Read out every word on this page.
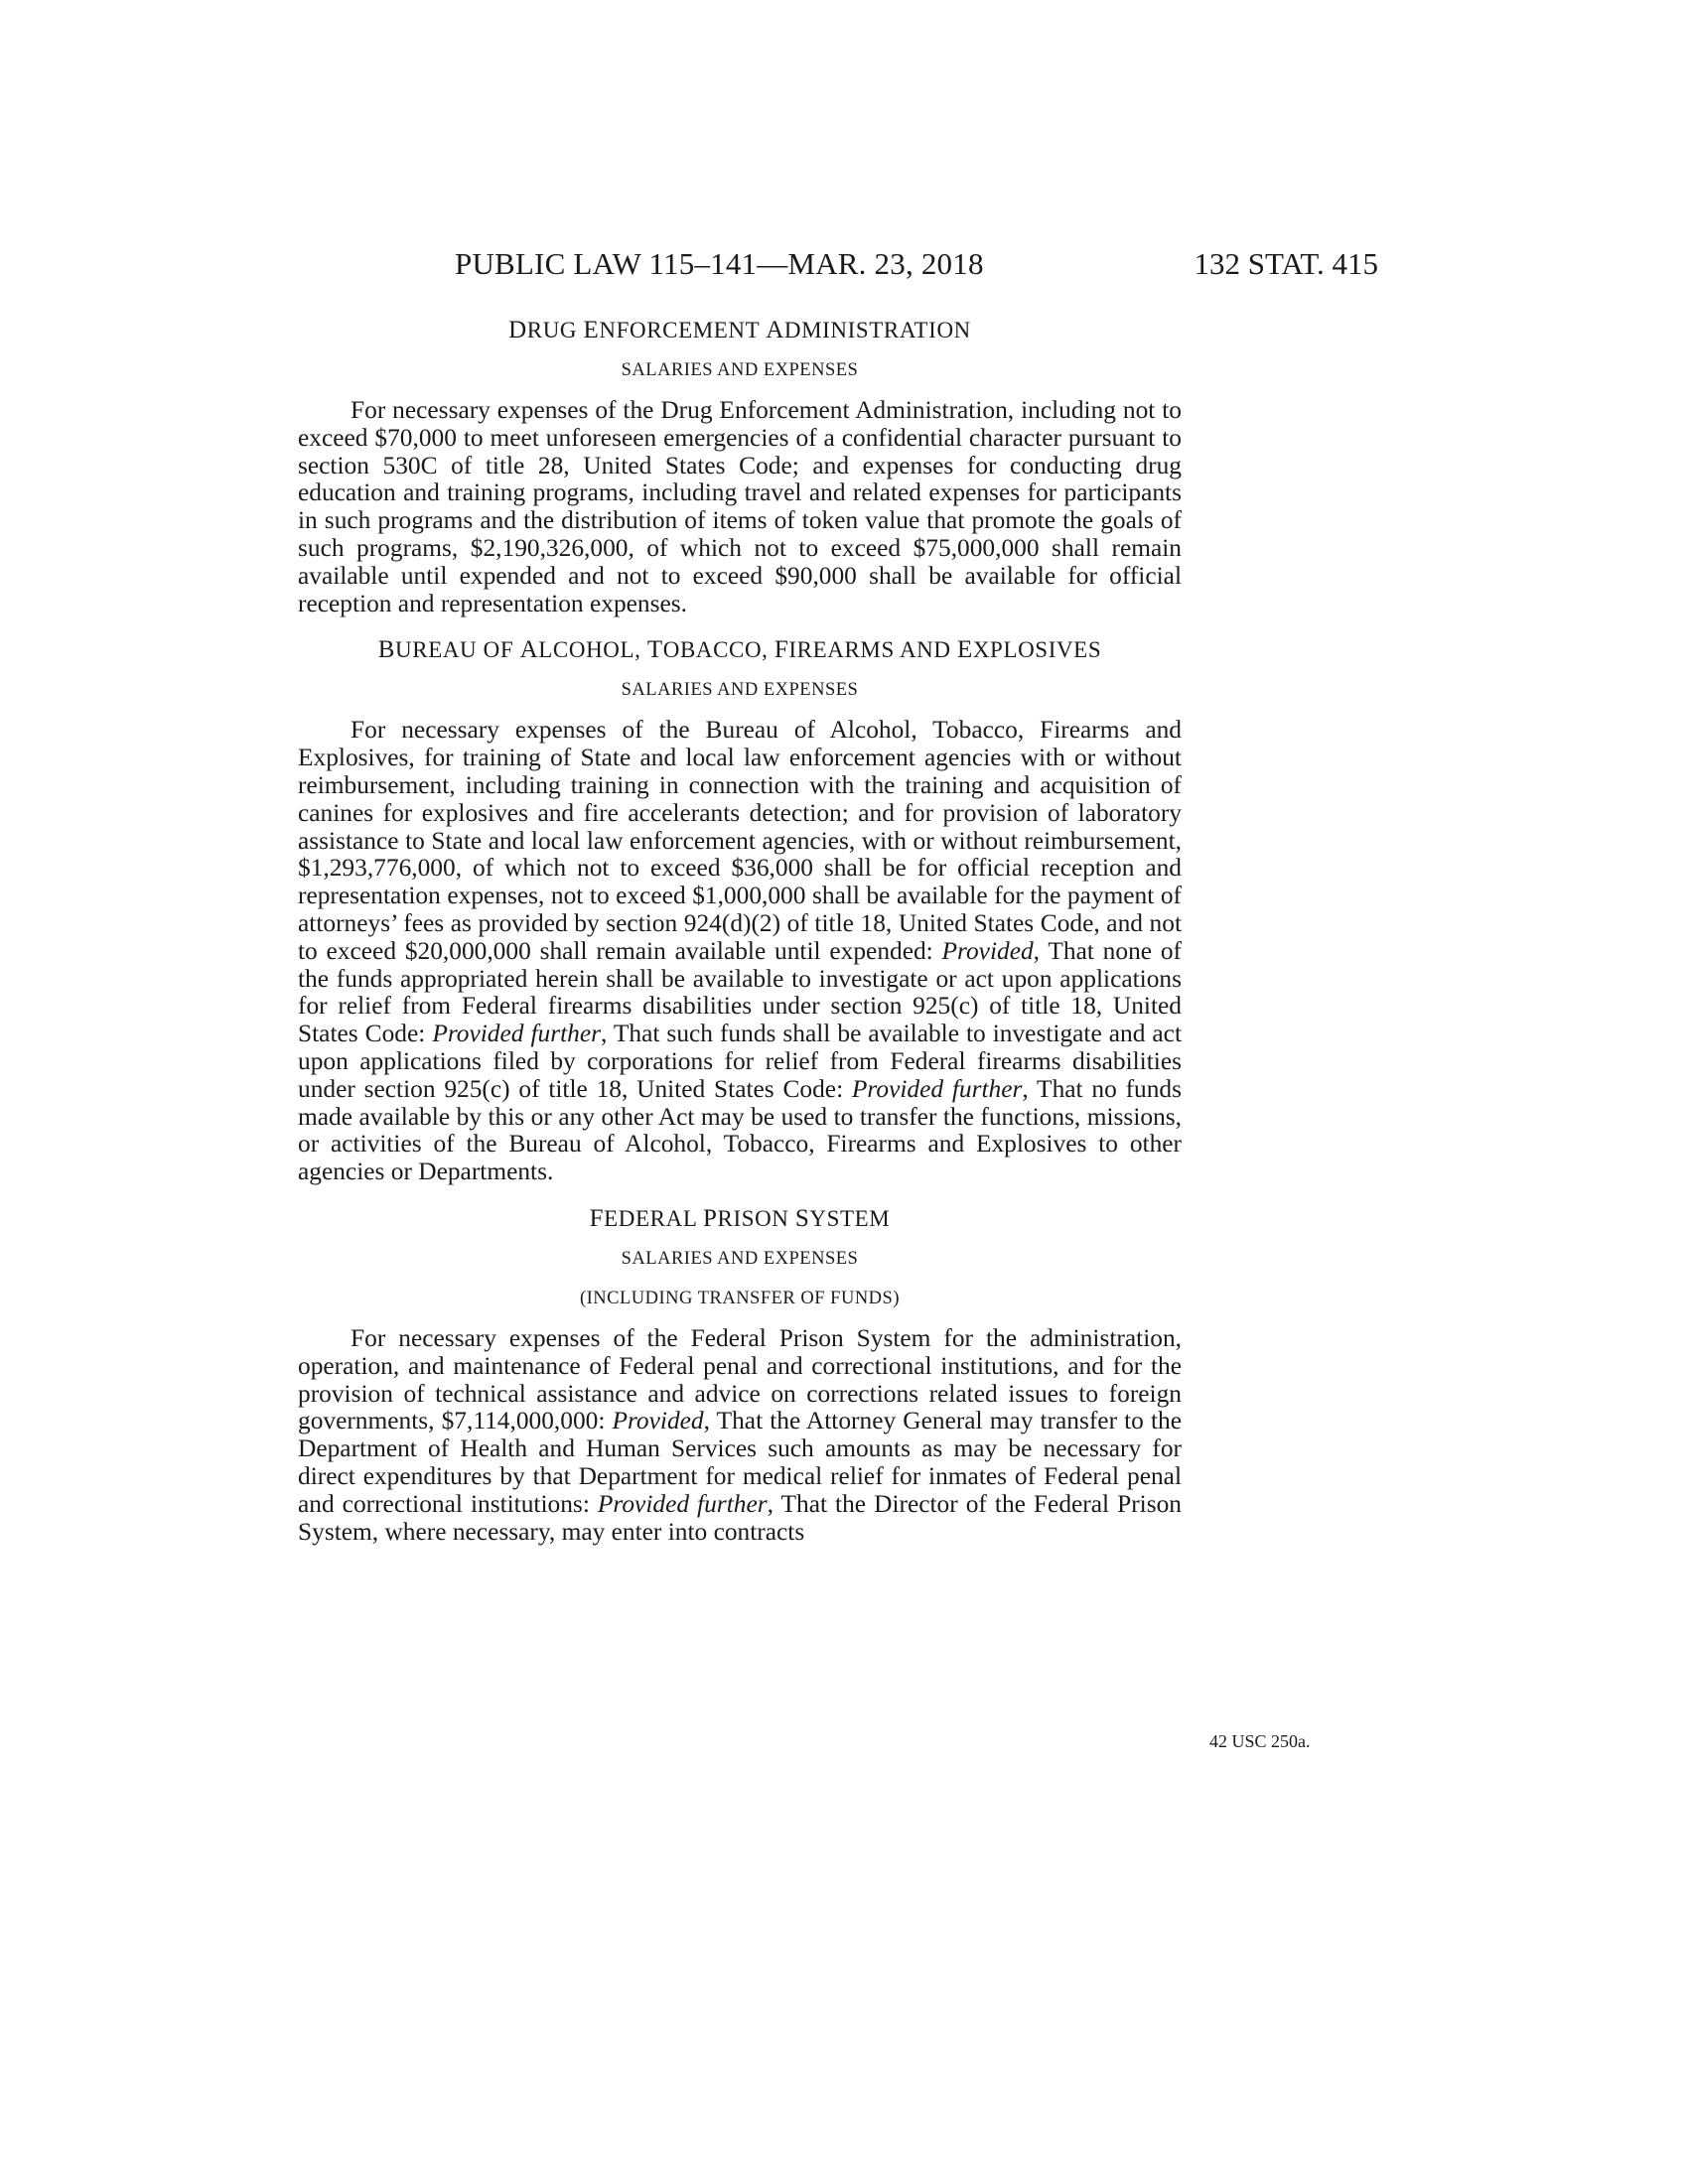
PUBLIC LAW 115–141—MAR. 23, 2018	132 STAT. 415
DRUG ENFORCEMENT ADMINISTRATION
SALARIES AND EXPENSES

For necessary expenses of the Drug Enforcement Administration, including not to exceed $70,000 to meet unforeseen emergencies of a confidential character pursuant to section 530C of title 28, United States Code; and expenses for conducting drug education and training programs, including travel and related expenses for participants in such programs and the distribution of items of token value that promote the goals of such programs, $2,190,326,000, of which not to exceed $75,000,000 shall remain available until expended and not to exceed $90,000 shall be available for official reception and representation expenses.

BUREAU OF ALCOHOL, TOBACCO, FIREARMS AND EXPLOSIVES
SALARIES AND EXPENSES

For necessary expenses of the Bureau of Alcohol, Tobacco, Firearms and Explosives, for training of State and local law enforcement agencies with or without reimbursement, including training in connection with the training and acquisition of canines for explosives and fire accelerants detection; and for provision of laboratory assistance to State and local law enforcement agencies, with or without reimbursement, $1,293,776,000, of which not to exceed $36,000 shall be for official reception and representation expenses, not to exceed $1,000,000 shall be available for the payment of attorneys’ fees as provided by section 924(d)(2) of title 18, United States Code, and not to exceed $20,000,000 shall remain available until expended: Provided, That none of the funds appropriated herein shall be available to investigate or act upon applications for relief from Federal firearms disabilities under section 925(c) of title 18, United States Code: Provided further, That such funds shall be available to investigate and act upon applications filed by corporations for relief from Federal firearms disabilities under section 925(c) of title 18, United States Code: Provided further, That no funds made available by this or any other Act may be used to transfer the functions, missions, or activities of the Bureau of Alcohol, Tobacco, Firearms and Explosives to other agencies or Departments.

FEDERAL PRISON SYSTEM
SALARIES AND EXPENSES
(INCLUDING TRANSFER OF FUNDS)

For necessary expenses of the Federal Prison System for the administration, operation, and maintenance of Federal penal and correctional institutions, and for the provision of technical assistance and advice on corrections related issues to foreign governments, $7,114,000,000: Provided, That the Attorney General may transfer to the Department of Health and Human Services such amounts as may be necessary for direct expenditures by that Department for medical relief for inmates of Federal penal and correctional institutions: Provided further, That the Director of the Federal Prison System, where necessary, may enter into contracts

42 USC 250a.
